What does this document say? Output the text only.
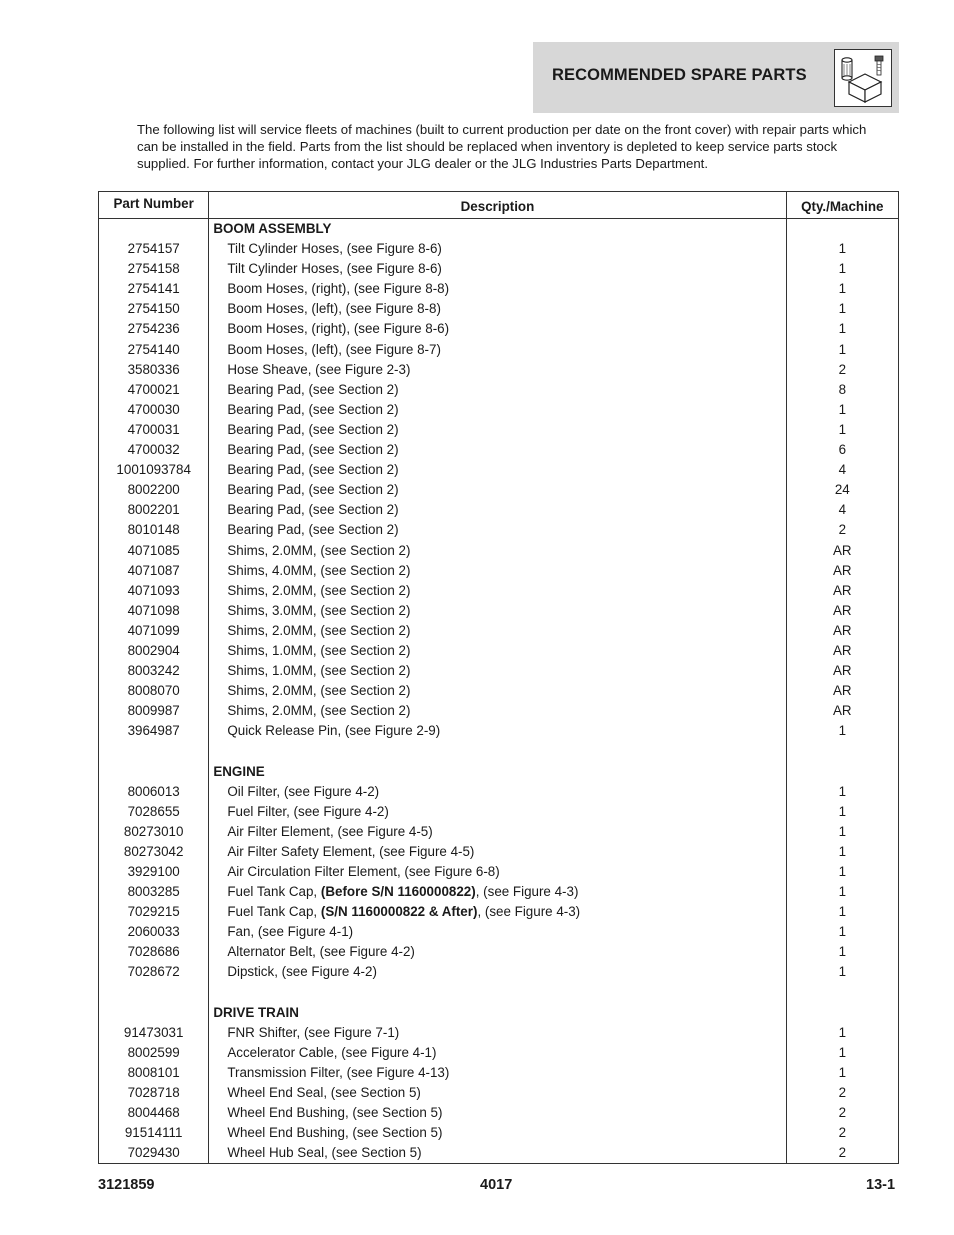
RECOMMENDED SPARE PARTS

The following list will service fleets of machines (built to current production per date on the front cover) with repair parts which can be installed in the field. Parts from the list should be replaced when inventory is depleted to keep service parts stock supplied. For further information, contact your JLG dealer or the JLG Industries Parts Department.

Part Number	Description	Qty./Machine
	BOOM ASSEMBLY	
2754157	Tilt Cylinder Hoses, (see Figure 8-6)	1
2754158	Tilt Cylinder Hoses, (see Figure 8-6)	1
2754141	Boom Hoses, (right), (see Figure 8-8)	1
2754150	Boom Hoses, (left), (see Figure 8-8)	1
2754236	Boom Hoses, (right), (see Figure 8-6)	1
2754140	Boom Hoses, (left), (see Figure 8-7)	1
3580336	Hose Sheave, (see Figure 2-3)	2
4700021	Bearing Pad, (see Section 2)	8
4700030	Bearing Pad, (see Section 2)	1
4700031	Bearing Pad, (see Section 2)	1
4700032	Bearing Pad, (see Section 2)	6
1001093784	Bearing Pad, (see Section 2)	4
8002200	Bearing Pad, (see Section 2)	24
8002201	Bearing Pad, (see Section 2)	4
8010148	Bearing Pad, (see Section 2)	2
4071085	Shims, 2.0MM, (see Section 2)	AR
4071087	Shims, 4.0MM, (see Section 2)	AR
4071093	Shims, 2.0MM, (see Section 2)	AR
4071098	Shims, 3.0MM, (see Section 2)	AR
4071099	Shims, 2.0MM, (see Section 2)	AR
8002904	Shims, 1.0MM, (see Section 2)	AR
8003242	Shims, 1.0MM, (see Section 2)	AR
8008070	Shims, 2.0MM, (see Section 2)	AR
8009987	Shims, 2.0MM, (see Section 2)	AR
3964987	Quick Release Pin, (see Figure 2-9)	1

	ENGINE	
8006013	Oil Filter, (see Figure 4-2)	1
7028655	Fuel Filter, (see Figure 4-2)	1
80273010	Air Filter Element, (see Figure 4-5)	1
80273042	Air Filter Safety Element, (see Figure 4-5)	1
3929100	Air Circulation Filter Element, (see Figure 6-8)	1
8003285	Fuel Tank Cap, (Before S/N 1160000822), (see Figure 4-3)	1
7029215	Fuel Tank Cap, (S/N 1160000822 & After), (see Figure 4-3)	1
2060033	Fan, (see Figure 4-1)	1
7028686	Alternator Belt, (see Figure 4-2)	1
7028672	Dipstick, (see Figure 4-2)	1

	DRIVE TRAIN	
91473031	FNR Shifter, (see Figure 7-1)	1
8002599	Accelerator Cable, (see Figure 4-1)	1
8008101	Transmission Filter, (see Figure 4-13)	1
7028718	Wheel End Seal, (see Section 5)	2
8004468	Wheel End Bushing, (see Section 5)	2
91514111	Wheel End Bushing, (see Section 5)	2
7029430	Wheel Hub Seal, (see Section 5)	2
3121859	4017	13-1
